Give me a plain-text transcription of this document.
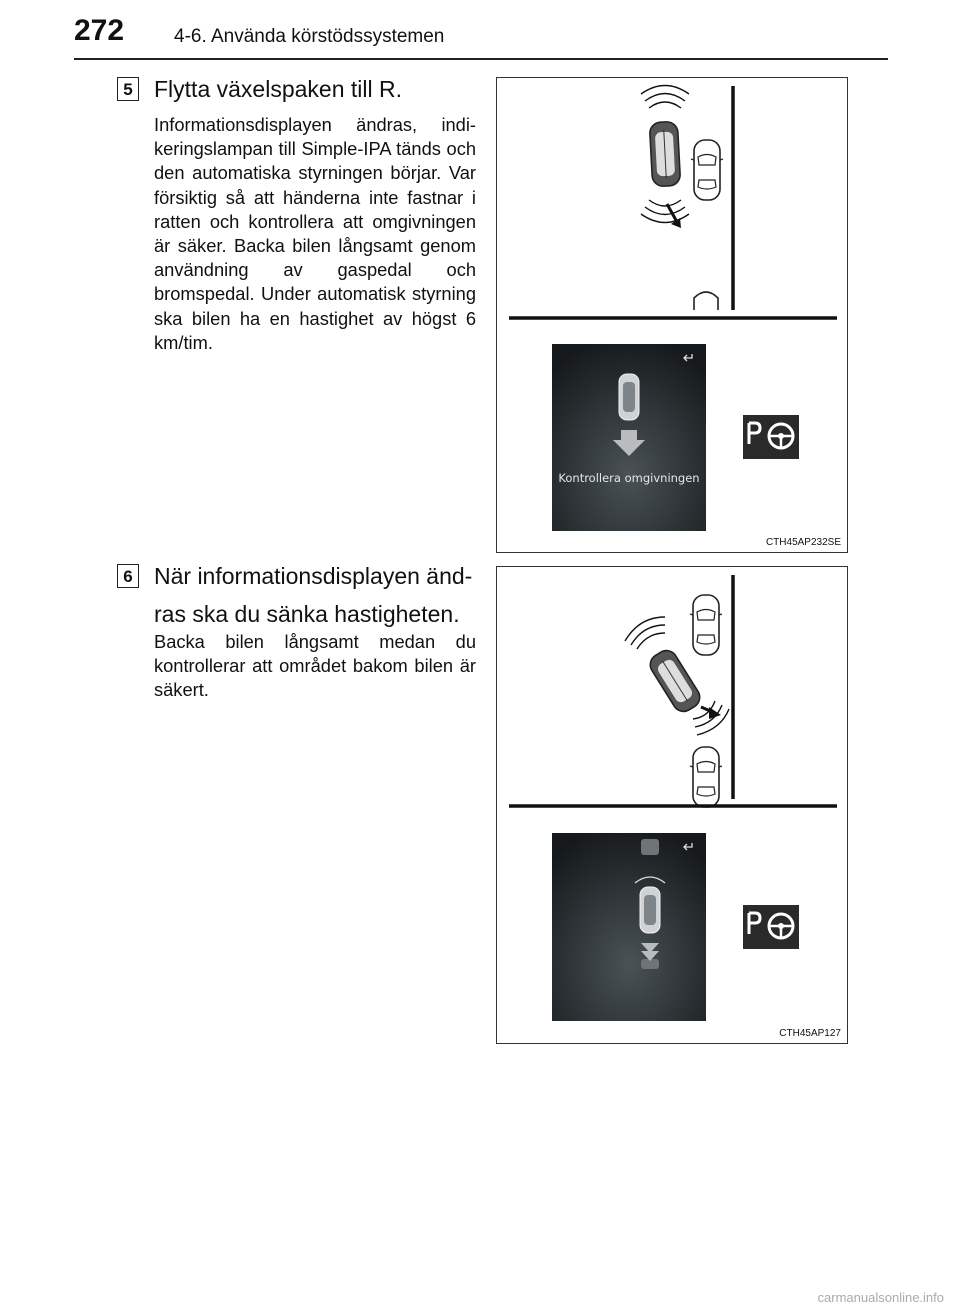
272	4-6. Använda körstödssystemen
5 Flytta växelspaken till R.
Informationsdisplayen ändras, indi-keringslampan till Simple-IPA tänds och den automatiska styrningen börjar. Var försiktig så att händerna inte fastnar i ratten och kontrollera att omgivningen är säker. Backa bilen långsamt genom användning av gaspedal och bromspedal. Under automatisk styrning ska bilen ha en hastighet av högst 6 km/tim.
Kontrollera omgivningen
CTH45AP232SE
6 När informationsdisplayen änd-ras ska du sänka hastigheten.
Backa bilen långsamt medan du kontrollerar att området bakom bilen är säkert.
CTH45AP127
carmanualsonline.info
